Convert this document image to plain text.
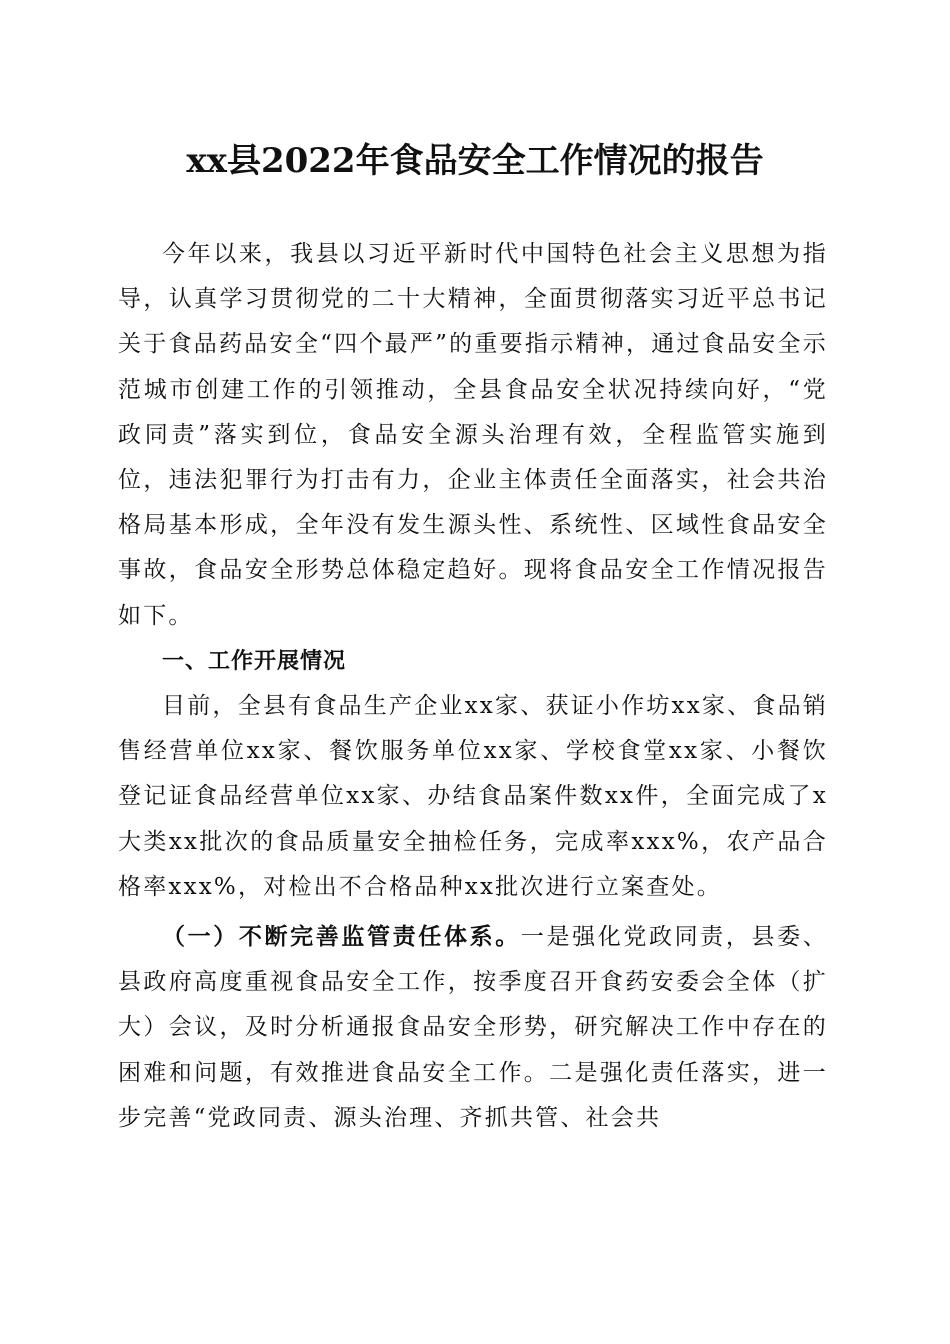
xx县2022年食品安全工作情况的报告

今年以来，我县以习近平新时代中国特色社会主义思想为指导，认真学习贯彻党的二十大精神，全面贯彻落实习近平总书记关于食品药品安全“四个最严”的重要指示精神，通过食品安全示范城市创建工作的引领推动，全县食品安全状况持续向好，“党政同责”落实到位，食品安全源头治理有效，全程监管实施到位，违法犯罪行为打击有力，企业主体责任全面落实，社会共治格局基本形成，全年没有发生源头性、系统性、区域性食品安全事故，食品安全形势总体稳定趋好。现将食品安全工作情况报告如下。

一、工作开展情况

目前，全县有食品生产企业xx家、获证小作坊xx家、食品销售经营单位xx家、餐饮服务单位xx家、学校食堂xx家、小餐饮登记证食品经营单位xx家、办结食品案件数xx件，全面完成了x大类xx批次的食品质量安全抽检任务，完成率xxx%，农产品合格率xxx%，对检出不合格品种xx批次进行立案查处。

（一）不断完善监管责任体系。一是强化党政同责，县委、县政府高度重视食品安全工作，按季度召开食药安委会全体（扩大）会议，及时分析通报食品安全形势，研究解决工作中存在的困难和问题，有效推进食品安全工作。二是强化责任落实，进一步完善“党政同责、源头治理、齐抓共管、社会共
